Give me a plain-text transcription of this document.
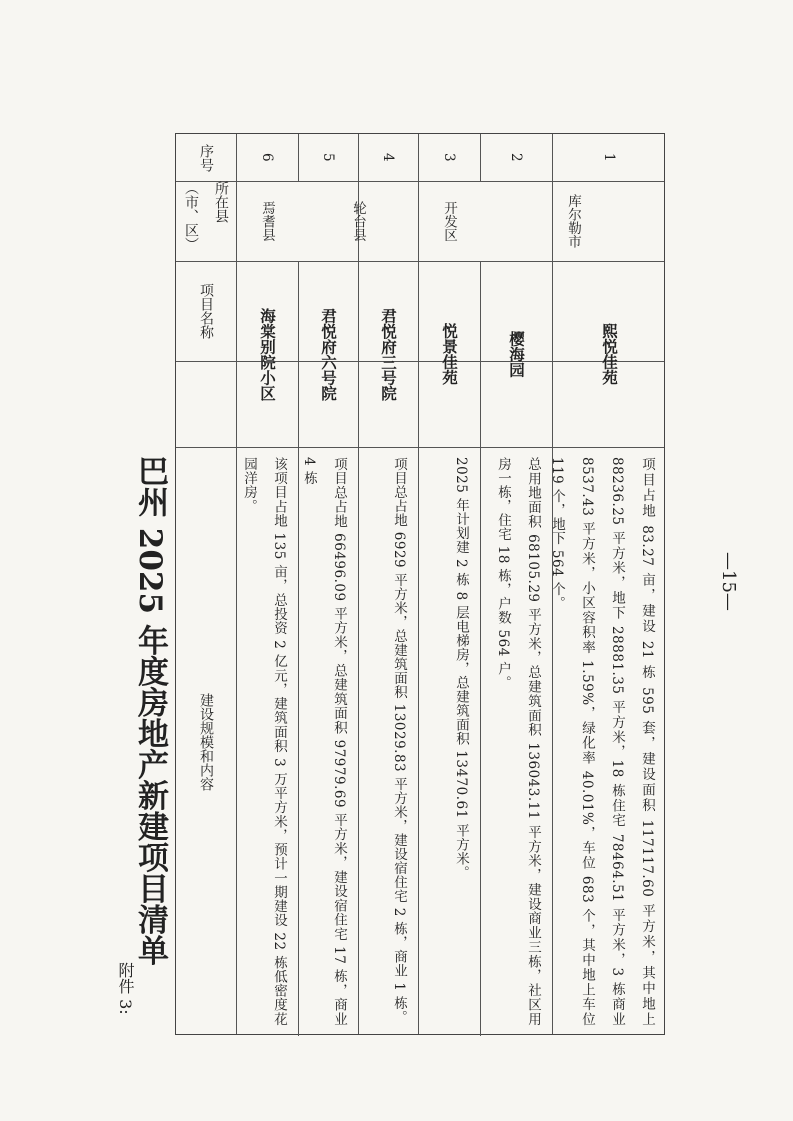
附件 3:
巴州 2025 年度房地产新建项目清单	—15—
序号
所在县（市、区）
项目名称
建设规模和内容
6
焉耆县
海棠别院小区
该项目占地 135 亩，总投资 2 亿元，建筑面积 3 万平方米，预计一期建设 22 栋低密度花园洋房。
5
轮台县
君悦府六号院
项目总占地 66496.09 平方米，总建筑面积 97979.69 平方米，建设宿住宅 17 栋，商业 4 栋
4
君悦府三号院
项目总占地 6929 平方米，总建筑面积 13029.83 平方米，建设宿住宅 2 栋，商业 1 栋。
3
开发区
悦景佳苑
2025 年计划建 2 栋 8 层电梯房，总建筑面积 13470.61 平方米。
2
库尔勒市
樱海园
总用地面积 68105.29 平方米，总建筑面积 136043.11 平方米，建设商业三栋，社区用房一栋，住宅 18 栋，户数 564 户。
1
熙悦佳苑
项目占地 83.27 亩，建设 21 栋 595 套，建设面积 117117.60 平方米，其中地上 88236.25 平方米，地下 28881.35 平方米，18 栋住宅 78464.51 平方米，3 栋商业 8537.43 平方米，小区容积率 1.59%，绿化率 40.01%，车位 683 个，其中地上车位 119 个，地下 564 个。
